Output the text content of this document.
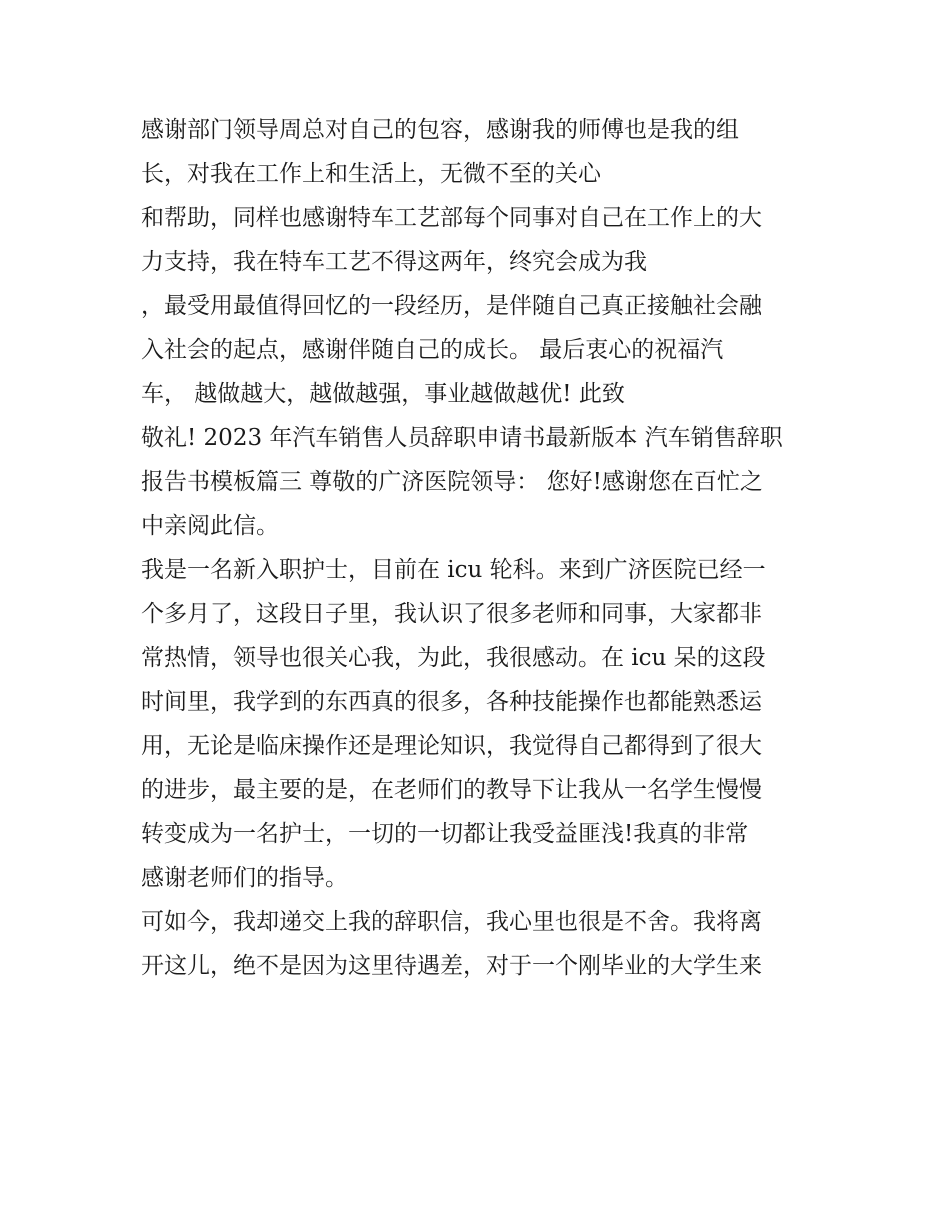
感谢部门领导周总对自己的包容，感谢我的师傅也是我的组
长，对我在工作上和生活上，无微不至的关心
和帮助，同样也感谢特车工艺部每个同事对自己在工作上的大
力支持，我在特车工艺不得这两年，终究会成为我
，最受用最值得回忆的一段经历，是伴随自己真正接触社会融
入社会的起点，感谢伴随自己的成长。 最后衷心的祝福汽
车， 越做越大，越做越强，事业越做越优! 此致
敬礼! 2023 年汽车销售人员辞职申请书最新版本 汽车销售辞职
报告书模板篇三 尊敬的广济医院领导： 您好!感谢您在百忙之
中亲阅此信。
我是一名新入职护士，目前在 icu 轮科。来到广济医院已经一
个多月了，这段日子里，我认识了很多老师和同事，大家都非
常热情，领导也很关心我，为此，我很感动。在 icu 呆的这段
时间里，我学到的东西真的很多，各种技能操作也都能熟悉运
用，无论是临床操作还是理论知识，我觉得自己都得到了很大
的进步，最主要的是，在老师们的教导下让我从一名学生慢慢
转变成为一名护士，一切的一切都让我受益匪浅!我真的非常
感谢老师们的指导。
可如今，我却递交上我的辞职信，我心里也很是不舍。我将离
开这儿，绝不是因为这里待遇差，对于一个刚毕业的大学生来
